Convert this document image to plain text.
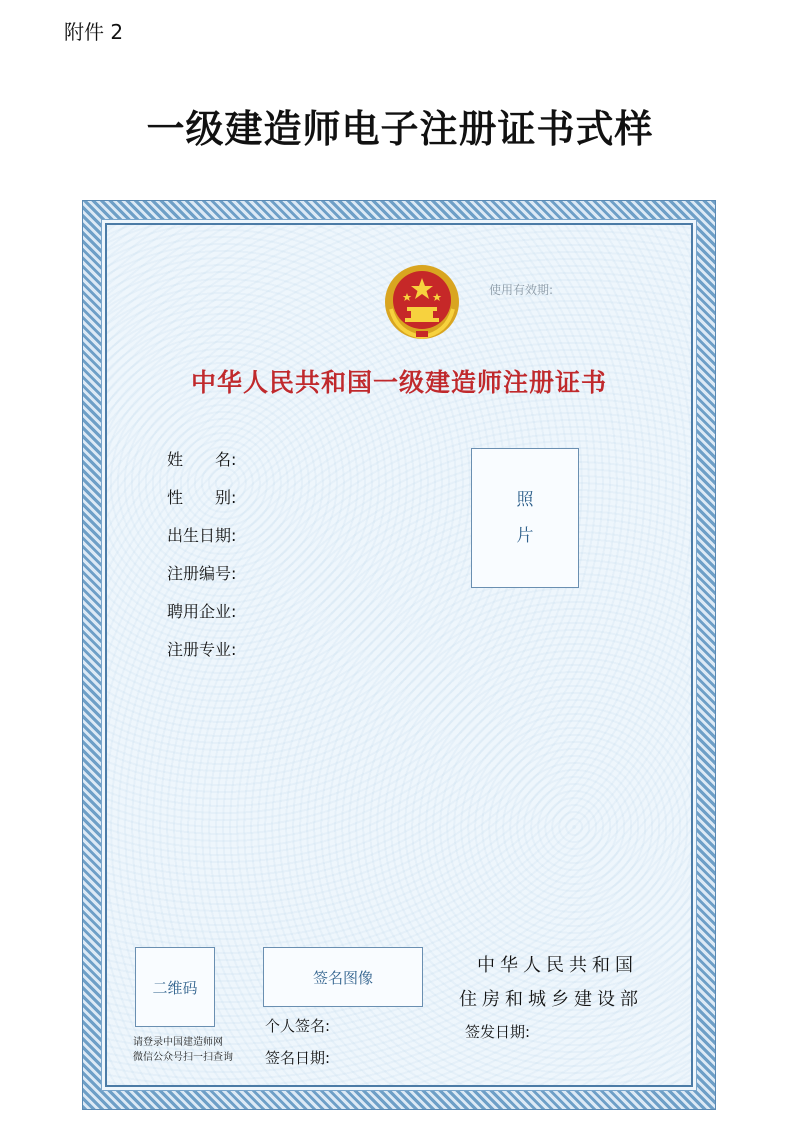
附件 2
一级建造师电子注册证书式样
使用有效期:
中华人民共和国一级建造师注册证书
姓　　名:
性　　别:
出生日期:
注册编号:
聘用企业:
注册专业:
照
片
二维码
请登录中国建造师网
微信公众号扫一扫查询
签名图像
个人签名:
签名日期:
中华人民共和国
住房和城乡建设部
签发日期:
